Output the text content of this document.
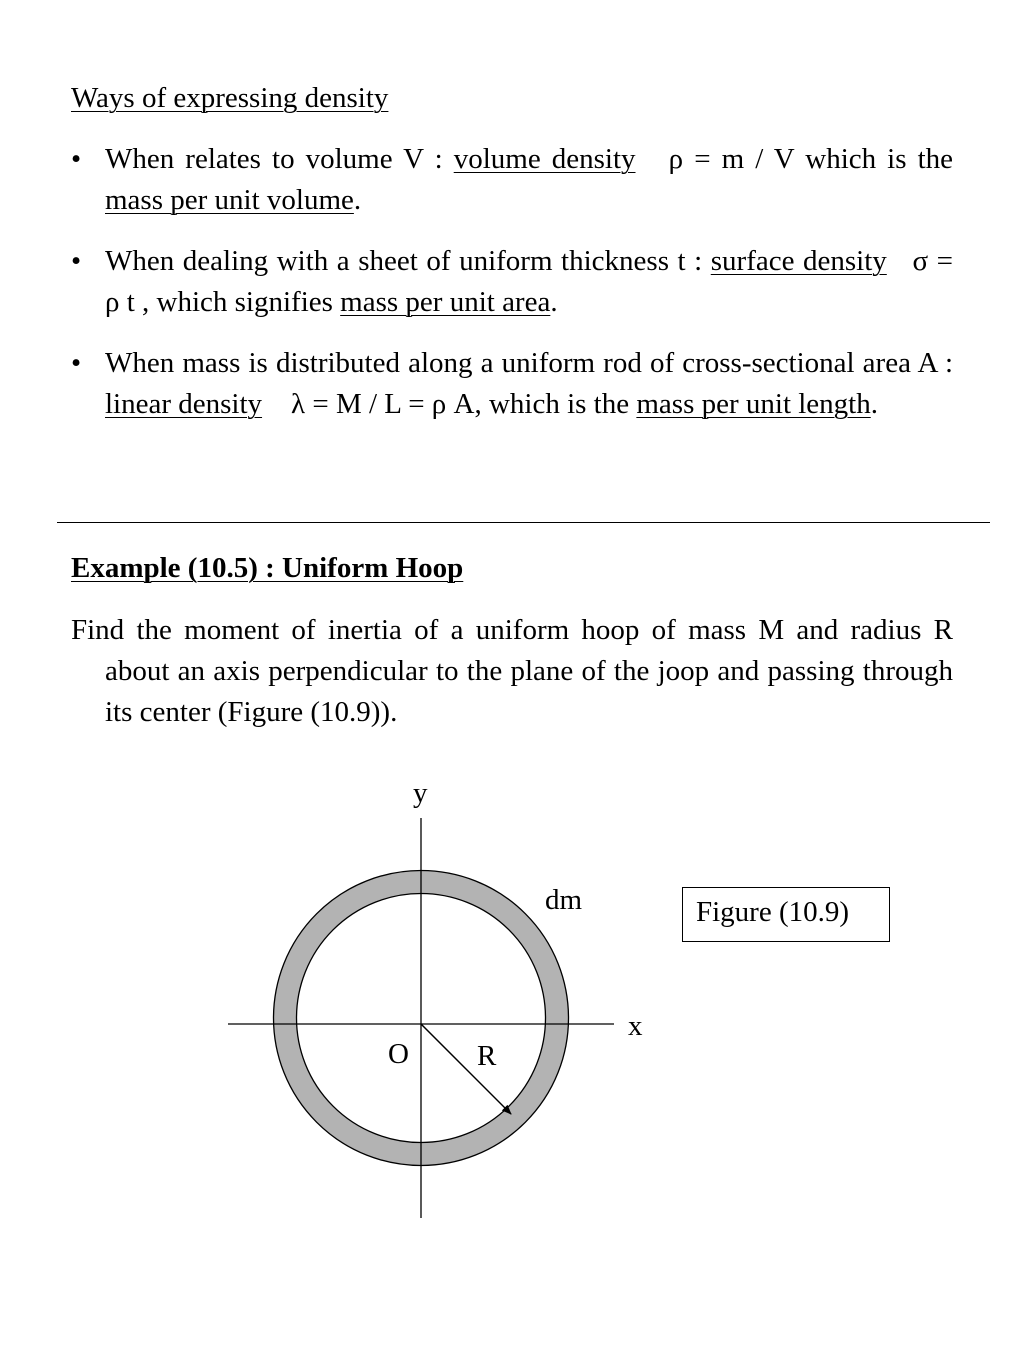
Ways of expressing density
• When relates to volume V : volume density ρ = m / V which is the mass per unit volume.
• When dealing with a sheet of uniform thickness t : surface density σ = ρ t , which signifies mass per unit area.
• When mass is distributed along a uniform rod of cross-sectional area A : linear density λ = M / L = ρ A, which is the mass per unit length.
Example (10.5) : Uniform Hoop

Find the moment of inertia of a uniform hoop of mass M and radius R about an axis perpendicular to the plane of the joop and passing through its center (Figure (10.9)).

y

x

O R

dm	Figure (10.9)
